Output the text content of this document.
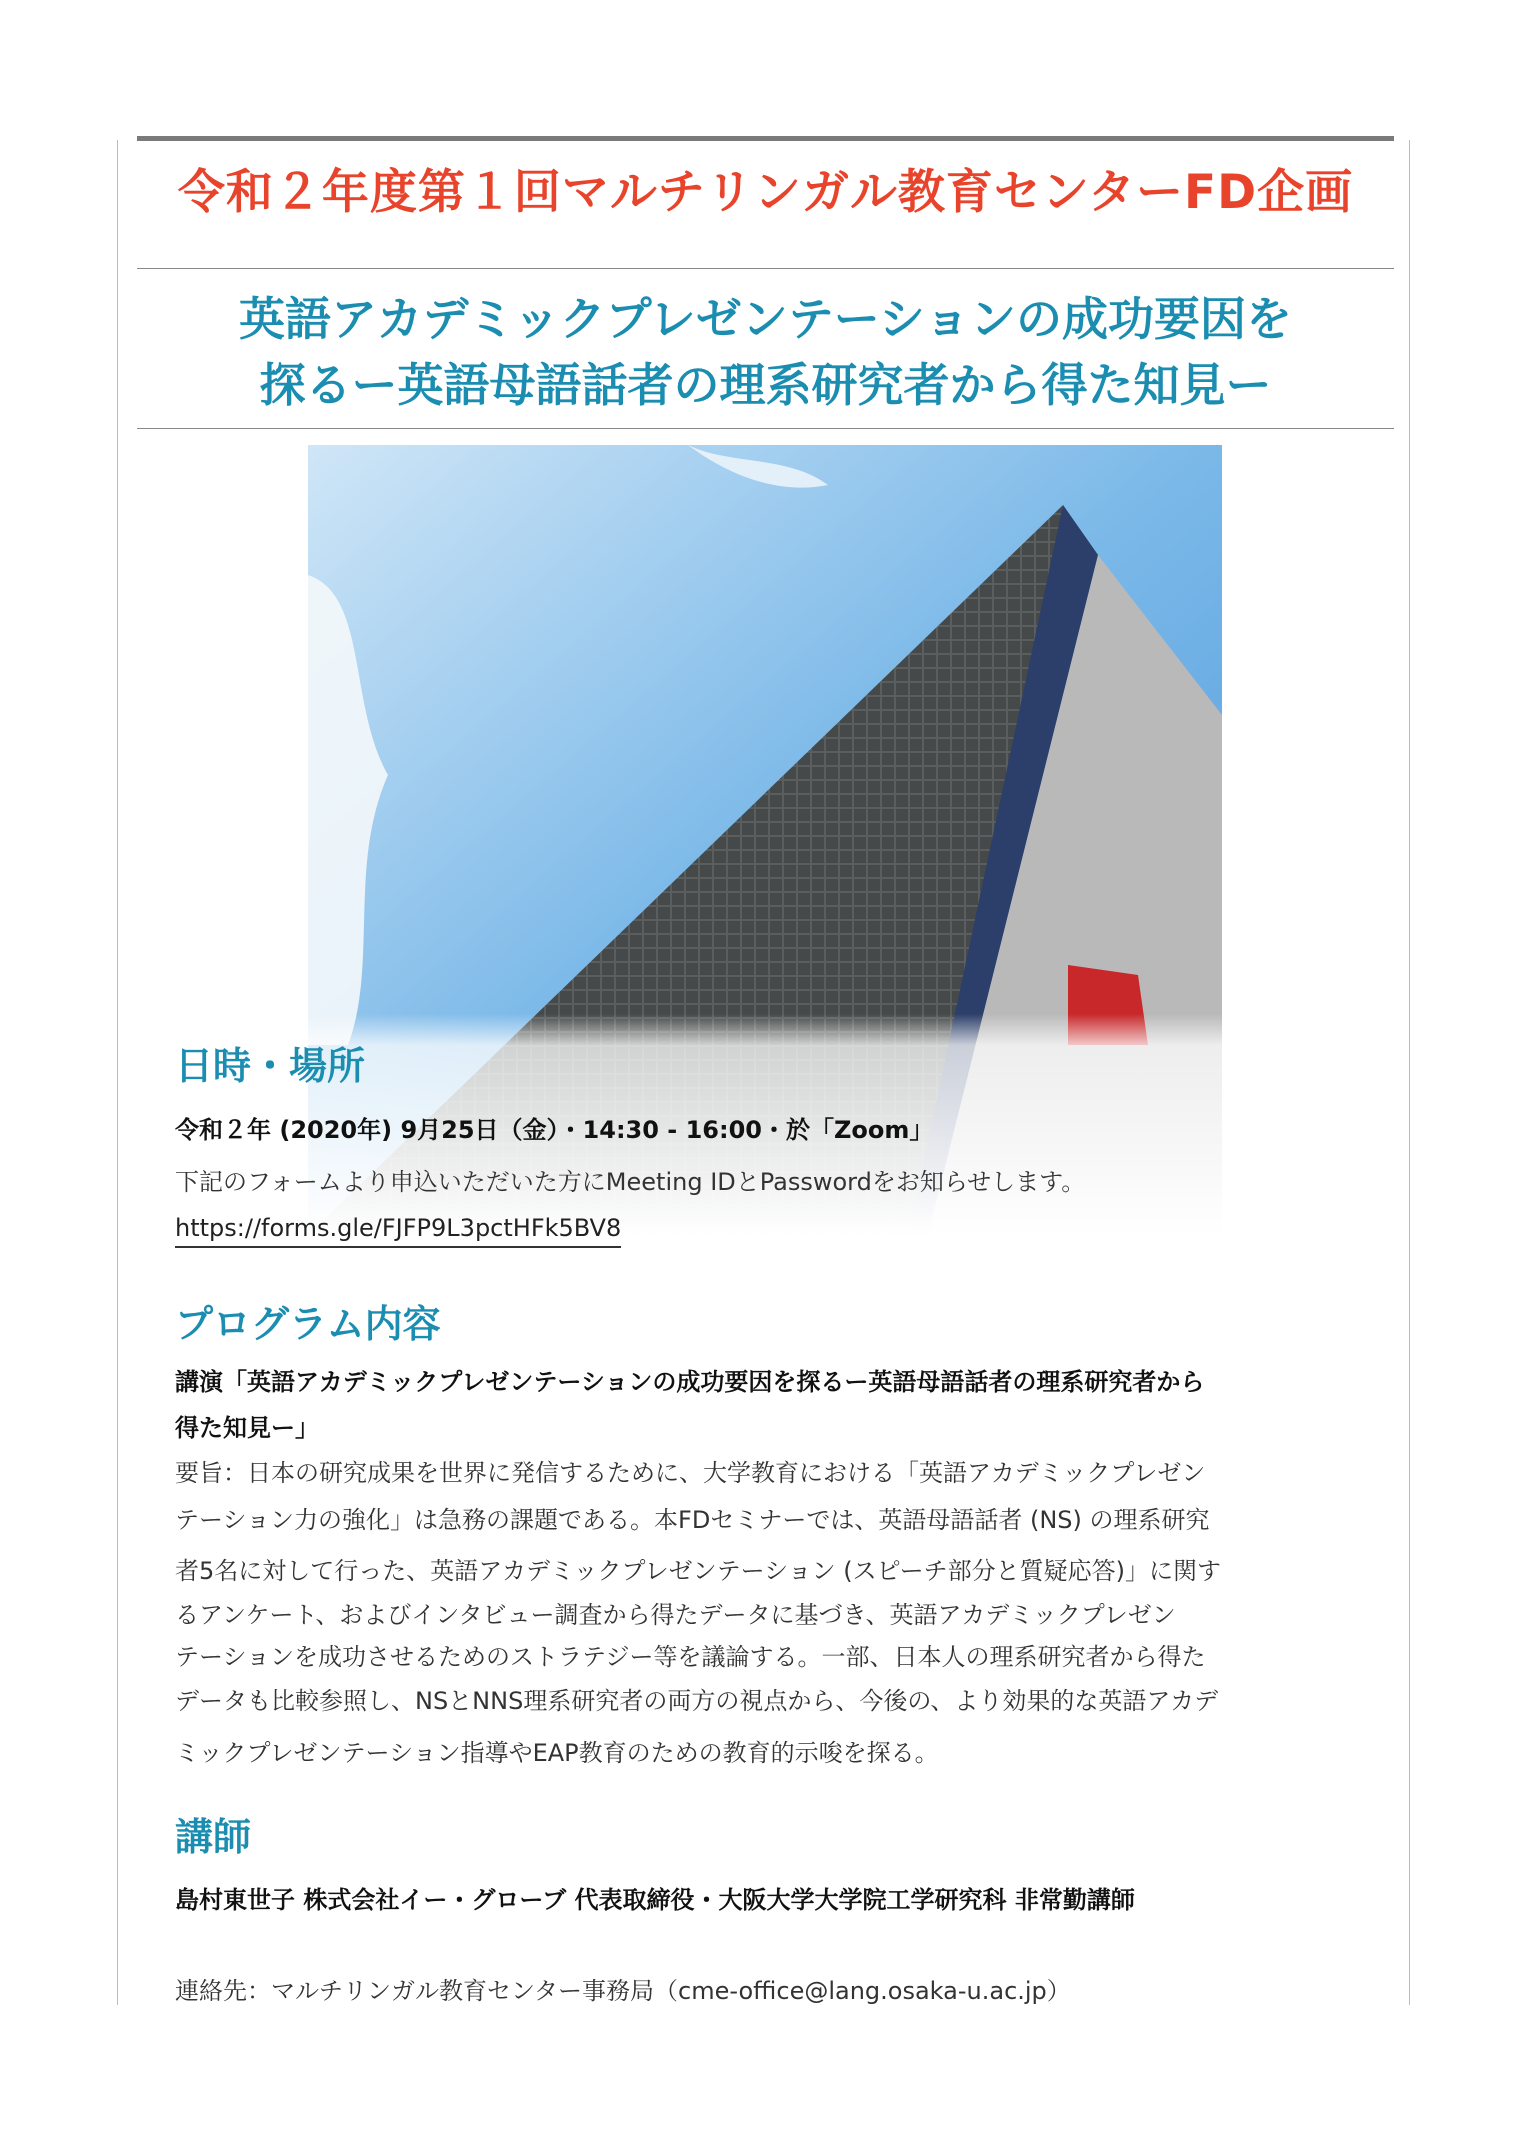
令和２年度第１回マルチリンガル教育センターFD企画
英語アカデミックプレゼンテーションの成功要因を
探るー英語母語話者の理系研究者から得た知見ー
日時・場所
令和２年 (2020年) 9月25日（金）・14:30 - 16:00・於「Zoom」
下記のフォームより申込いただいた方にMeeting IDとPasswordをお知らせします。
https://forms.gle/FJFP9L3pctHFk5BV8
プログラム内容
講演「英語アカデミックプレゼンテーションの成功要因を探るー英語母語話者の理系研究者から
得た知見ー」
要旨：日本の研究成果を世界に発信するために、大学教育における「英語アカデミックプレゼン
テーション力の強化」は急務の課題である。本FDセミナーでは、英語母語話者 (NS) の理系研究
者5名に対して行った、英語アカデミックプレゼンテーション (スピーチ部分と質疑応答)」に関す
るアンケート、およびインタビュー調査から得たデータに基づき、英語アカデミックプレゼン
テーションを成功させるためのストラテジー等を議論する。一部、日本人の理系研究者から得た
データも比較参照し、NSとNNS理系研究者の両方の視点から、今後の、より効果的な英語アカデ
ミックプレゼンテーション指導やEAP教育のための教育的示唆を探る。
講師
島村東世子 株式会社イー・グローブ 代表取締役・大阪大学大学院工学研究科 非常勤講師
連絡先：マルチリンガル教育センター事務局（cme-office@lang.osaka-u.ac.jp）
